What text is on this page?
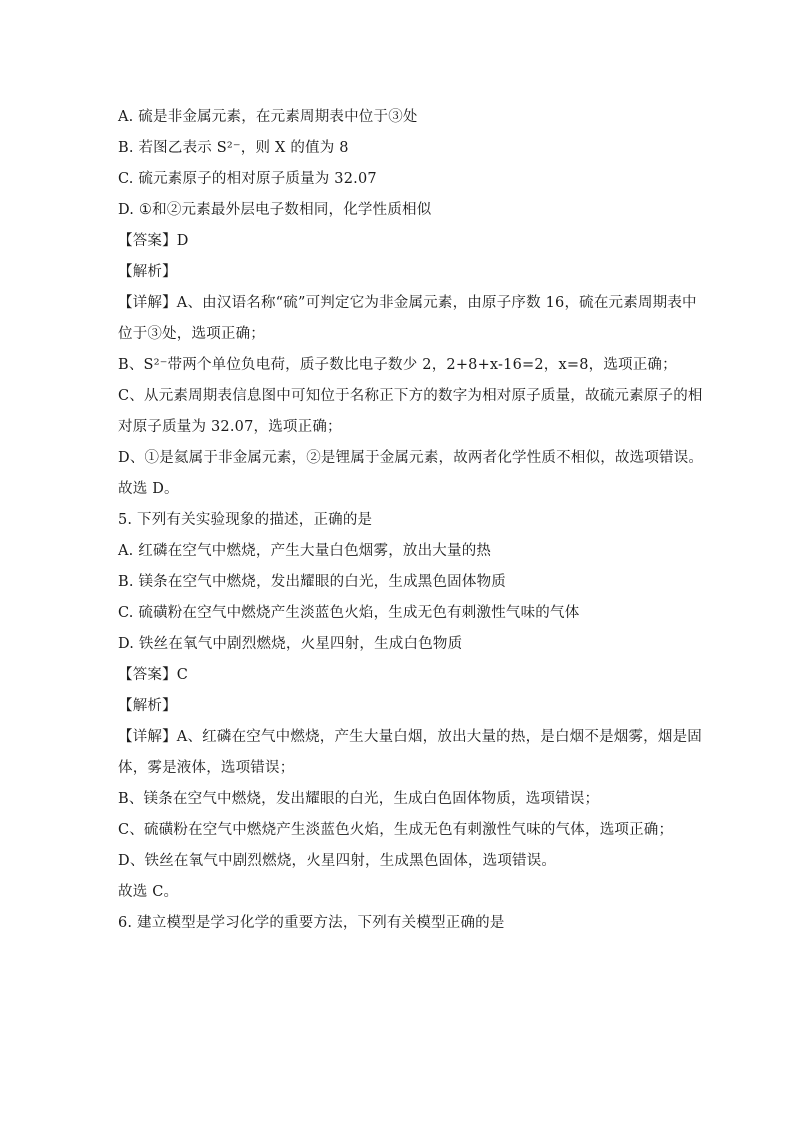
A. 硫是非金属元素，在元素周期表中位于③处
B. 若图乙表示 S²⁻，则 X 的值为 8
C. 硫元素原子的相对原子质量为 32.07
D. ①和②元素最外层电子数相同，化学性质相似
【答案】D
【解析】
【详解】A、由汉语名称“硫”可判定它为非金属元素，由原子序数 16，硫在元素周期表中
位于③处，选项正确；
B、S²⁻带两个单位负电荷，质子数比电子数少 2，2+8+x-16=2，x=8，选项正确；
C、从元素周期表信息图中可知位于名称正下方的数字为相对原子质量，故硫元素原子的相
对原子质量为 32.07，选项正确；
D、①是氦属于非金属元素，②是锂属于金属元素，故两者化学性质不相似，故选项错误。
故选 D。
5. 下列有关实验现象的描述，正确的是
A. 红磷在空气中燃烧，产生大量白色烟雾，放出大量的热
B. 镁条在空气中燃烧，发出耀眼的白光，生成黑色固体物质
C. 硫磺粉在空气中燃烧产生淡蓝色火焰，生成无色有刺激性气味的气体
D. 铁丝在氧气中剧烈燃烧，火星四射，生成白色物质
【答案】C
【解析】
【详解】A、红磷在空气中燃烧，产生大量白烟，放出大量的热，是白烟不是烟雾，烟是固
体，雾是液体，选项错误；
B、镁条在空气中燃烧，发出耀眼的白光，生成白色固体物质，选项错误；
C、硫磺粉在空气中燃烧产生淡蓝色火焰，生成无色有刺激性气味的气体，选项正确；
D、铁丝在氧气中剧烈燃烧，火星四射，生成黑色固体，选项错误。
故选 C。
6. 建立模型是学习化学的重要方法，下列有关模型正确的是
